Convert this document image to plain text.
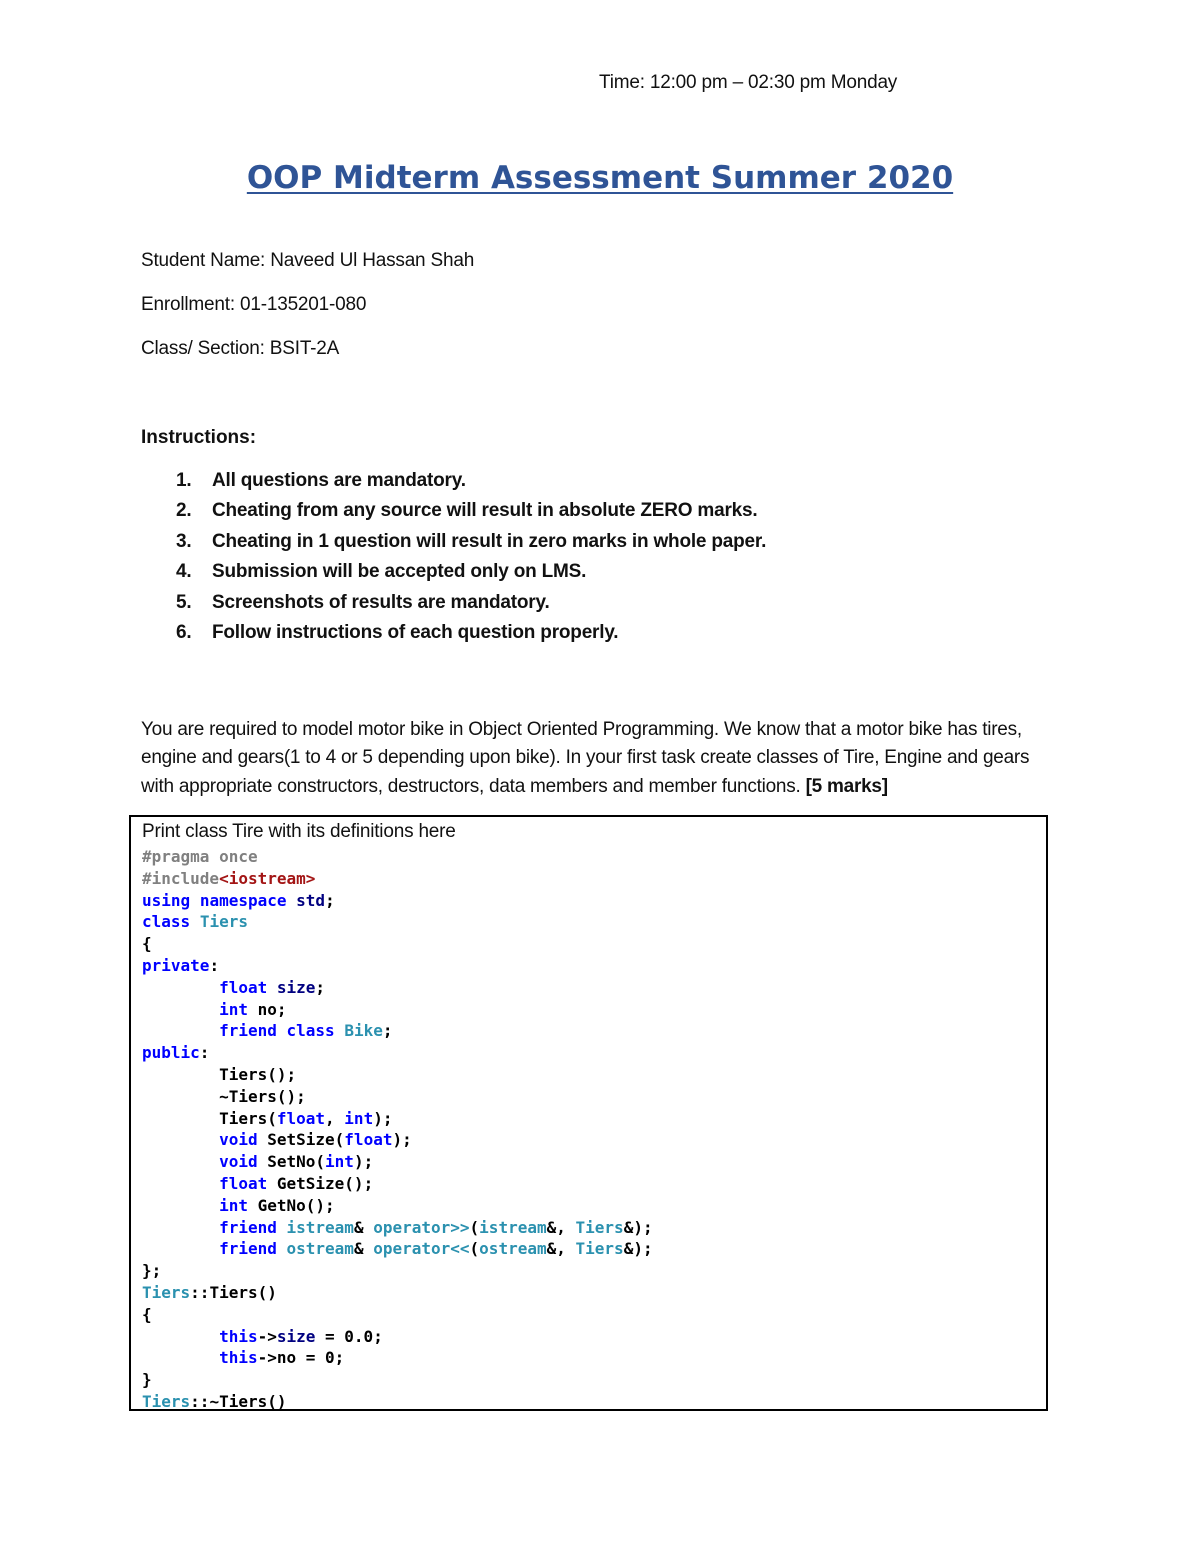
Time: 12:00 pm – 02:30 pm Monday
OOP Midterm Assessment Summer 2020
Student Name: Naveed Ul Hassan Shah
Enrollment: 01-135201-080
Class/ Section: BSIT-2A
Instructions:
1.	All questions are mandatory.
2.	Cheating from any source will result in absolute ZERO marks.
3.	Cheating in 1 question will result in zero marks in whole paper.
4.	Submission will be accepted only on LMS.
5.	Screenshots of results are mandatory.
6.	Follow instructions of each question properly.
You are required to model motor bike in Object Oriented Programming. We know that a motor bike has tires, engine and gears(1 to 4 or 5 depending upon bike). In your first task create classes of Tire, Engine and gears with appropriate constructors, destructors, data members and member functions. [5 marks]
Print class Tire with its definitions here
#pragma once
#include<iostream>
using namespace std;
class Tiers
{
private:
	float size;
	int no;
	friend class Bike;
public:
	Tiers();
	~Tiers();
	Tiers(float, int);
	void SetSize(float);
	void SetNo(int);
	float GetSize();
	int GetNo();
	friend istream& operator>>(istream&, Tiers&);
	friend ostream& operator<<(ostream&, Tiers&);
};
Tiers::Tiers()
{
	this->size = 0.0;
	this->no = 0;
}
Tiers::~Tiers()
